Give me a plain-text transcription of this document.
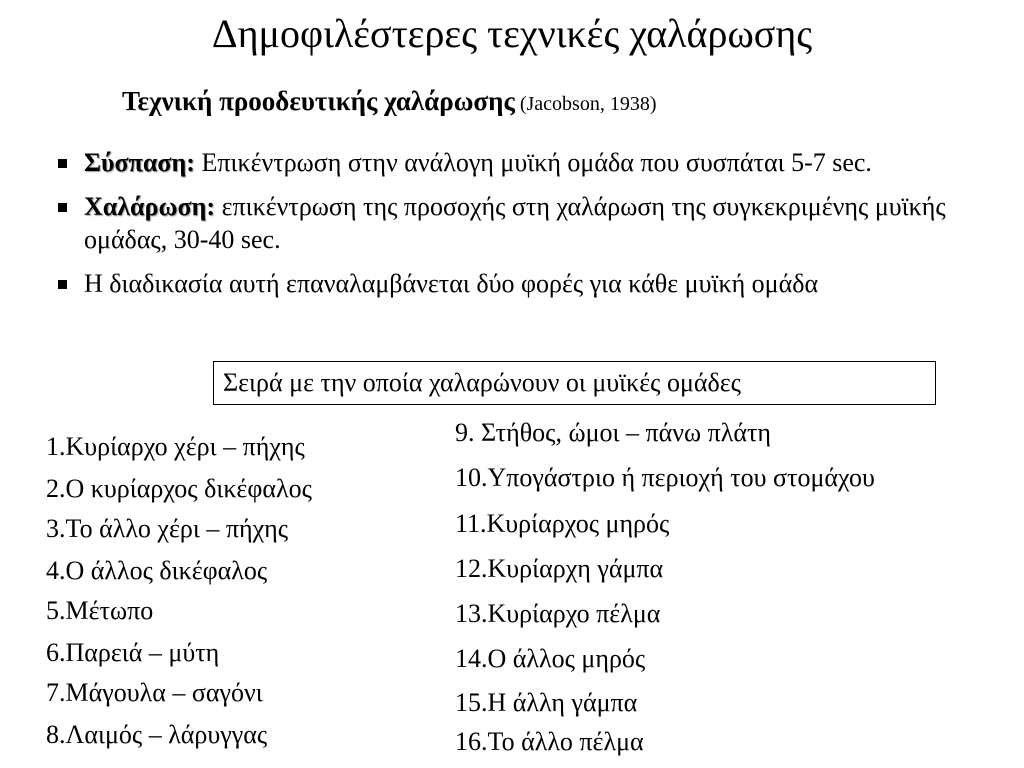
Δημοφιλέστερες τεχνικές χαλάρωσης
Τεχνική προοδευτικής χαλάρωσης (Jacobson, 1938)
Σύσπαση: Επικέντρωση στην ανάλογη μυϊκή ομάδα που συσπάται 5-7 sec.
Χαλάρωση: επικέντρωση της προσοχής στη χαλάρωση της συγκεκριμένης μυϊκής ομάδας, 30-40 sec.
Η διαδικασία αυτή επαναλαμβάνεται δύο φορές για κάθε μυϊκή ομάδα
Σειρά με την οποία χαλαρώνουν οι μυϊκές ομάδες
1.Κυρίαρχο χέρι – πήχης
2.Ο κυρίαρχος δικέφαλος
3.Το άλλο χέρι – πήχης
4.Ο άλλος δικέφαλος
5.Μέτωπο
6.Παρειά – μύτη
7.Μάγουλα – σαγόνι
8.Λαιμός – λάρυγγας
9. Στήθος, ώμοι – πάνω πλάτη
10.Υπογάστριο ή περιοχή του στομάχου
11.Κυρίαρχος μηρός
12.Κυρίαρχη γάμπα
13.Κυρίαρχο πέλμα
14.Ο άλλος μηρός
15.Η άλλη γάμπα
16.Το άλλο πέλμα
